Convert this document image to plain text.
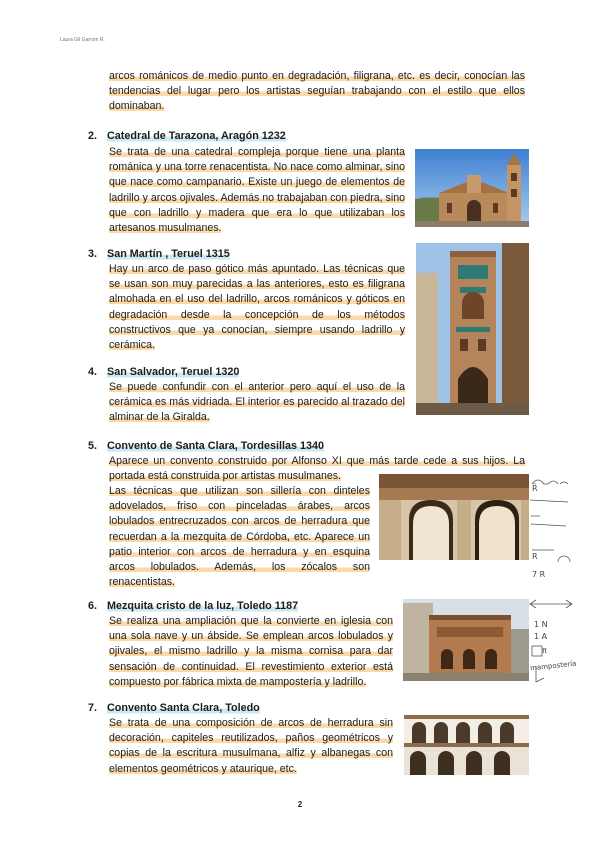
Laura Gil Garnón R.

arcos románicos de medio punto en degradación, filigrana, etc. es decir, conocían las tendencias del lugar pero los artistas seguían trabajando con el estilo que ellos dominaban.

2. Catedral de Tarazona, Aragón 1232

Se trata de una catedral compleja porque tiene una planta románica y una torre renacentista. No nace como alminar, sino que nace como campanario. Existe un juego de elementos de ladrillo y arcos ojivales. Además no trabajaban con piedra, sino que con ladrillo y madera que era lo que utilizaban los artesanos musulmanes.

3. San Martín , Teruel 1315

Hay un arco de paso gótico más apuntado. Las técnicas que se usan son muy parecidas a las anteriores, esto es filigrana almohada en el uso del ladrillo, arcos románicos y góticos en degradación desde la concepción de los métodos constructivos que ya conocían, siempre usando ladrillo y cerámica.

4. San Salvador, Teruel 1320

Se puede confundir con el anterior pero aquí el uso de la cerámica es más vidriada. El interior es parecido al trazado del alminar de la Giralda.

5. Convento de Santa Clara, Tordesillas 1340

Aparece un convento construido por Alfonso XI que más tarde cede a sus hijos. La portada está construida por artistas musulmanes.

Las técnicas que utilizan son sillería con dinteles adovelados, friso con pinceladas árabes, arcos lobulados entrecruzados con arcos de herradura que recuerdan a la mezquita de Córdoba, etc. Aparece un patio interior con arcos de herradura y en esquina arcos lobulados. Además, los zócalos son renacentistas.

6. Mezquita cristo de la luz, Toledo 1187

Se realiza una ampliación que la convierte en iglesia con una sola nave y un ábside. Se emplean arcos lobulados y ojivales, el mismo ladrillo y la misma cornisa para dar sensación de continuidad. El revestimiento exterior está compuesto por fábrica mixta de mampostería y ladrillo.

7. Convento Santa Clara, Toledo

Se trata de una composición de arcos de herradura sin decoración, capiteles reutilizados, paños geométricos y copias de la escritura musulmana, alfiz y albanegas con elementos geométricos y ataurique, etc.

R
7 R
R̄
1 N
1 A
π
mampostería
2
